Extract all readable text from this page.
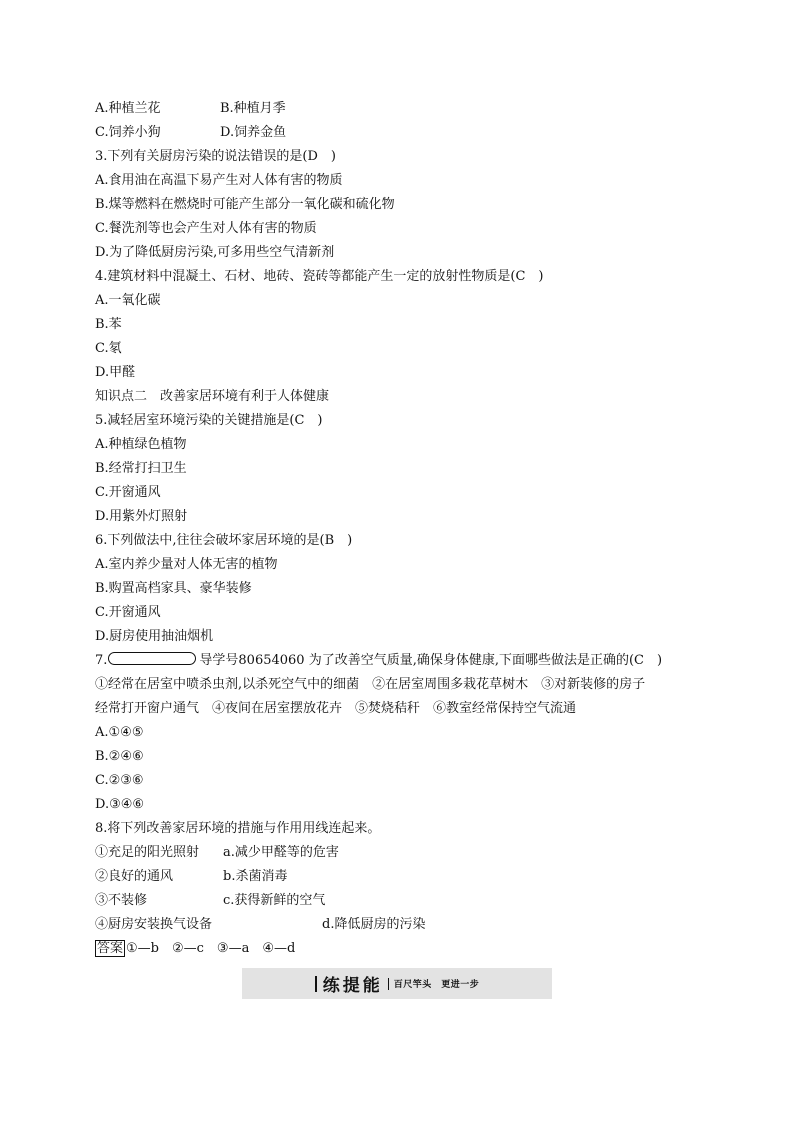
A.种植兰花	B.种植月季
C.饲养小狗	D.饲养金鱼
3.下列有关厨房污染的说法错误的是(D　)
A.食用油在高温下易产生对人体有害的物质
B.煤等燃料在燃烧时可能产生部分一氧化碳和硫化物
C.餐洗剂等也会产生对人体有害的物质
D.为了降低厨房污染,可多用些空气清新剂
4.建筑材料中混凝土、石材、地砖、瓷砖等都能产生一定的放射性物质是(C　)
A.一氧化碳
B.苯
C.氡
D.甲醛
知识点二　改善家居环境有利于人体健康
5.减轻居室环境污染的关键措施是(C　)
A.种植绿色植物
B.经常打扫卫生
C.开窗通风
D.用紫外灯照射
6.下列做法中,往往会破坏家居环境的是(B　)
A.室内养少量对人体无害的植物
B.购置高档家具、豪华装修
C.开窗通风
D.厨房使用抽油烟机
7.	导学号80654060 为了改善空气质量,确保身体健康,下面哪些做法是正确的(C　)
①经常在居室中喷杀虫剂,以杀死空气中的细菌　②在居室周围多栽花草树木　③对新装修的房子
经常打开窗户通气　④夜间在居室摆放花卉　⑤焚烧秸秆　⑥教室经常保持空气流通
A.①④⑤
B.②④⑥
C.②③⑥
D.③④⑥
8.将下列改善家居环境的措施与作用用线连起来。
①充足的阳光照射 a.减少甲醛等的危害
②良好的通风	b.杀菌消毒
③不装修	c.获得新鲜的空气
④厨房安装换气设备	d.降低厨房的污染
答案 ①—b　②—c　③—a　④—d
练提能 百尺竿头　更进一步
